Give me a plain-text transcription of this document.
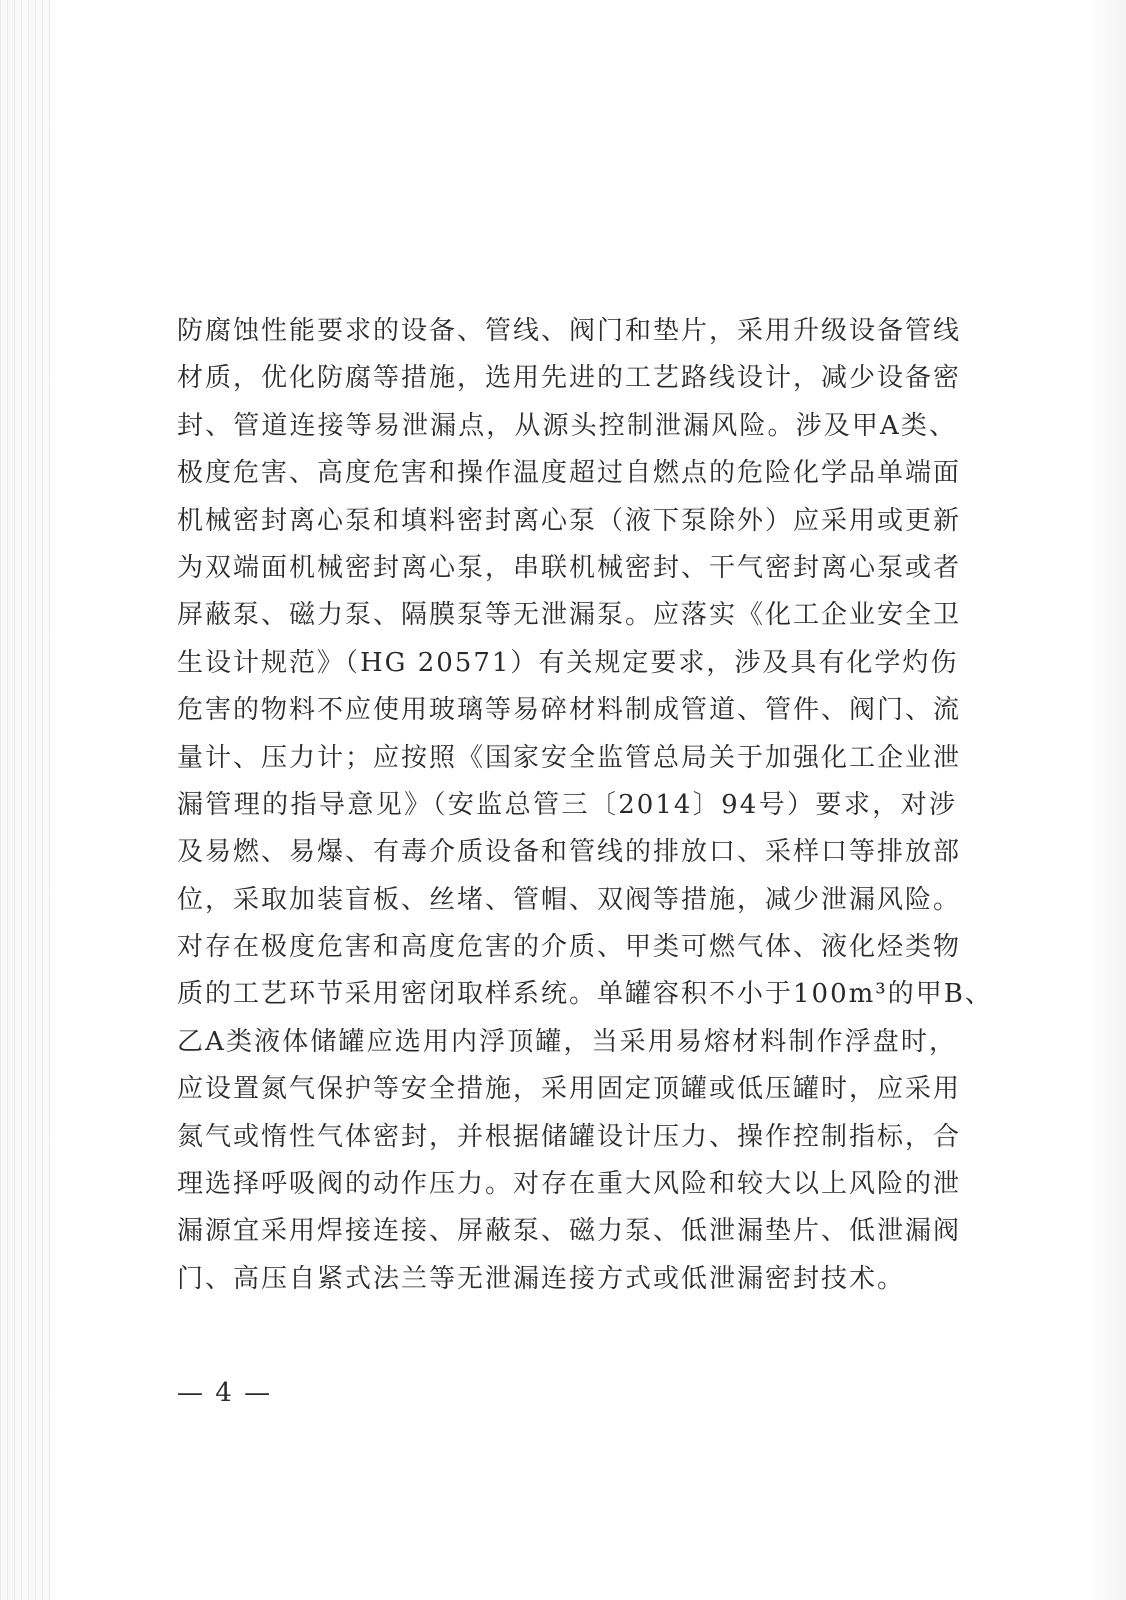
防腐蚀性能要求的设备、管线、阀门和垫片，采用升级设备管线
材质，优化防腐等措施，选用先进的工艺路线设计，减少设备密
封、管道连接等易泄漏点，从源头控制泄漏风险。涉及甲A类、
极度危害、高度危害和操作温度超过自燃点的危险化学品单端面
机械密封离心泵和填料密封离心泵（液下泵除外）应采用或更新
为双端面机械密封离心泵，串联机械密封、干气密封离心泵或者
屏蔽泵、磁力泵、隔膜泵等无泄漏泵。应落实《化工企业安全卫
生设计规范》（HG 20571）有关规定要求，涉及具有化学灼伤
危害的物料不应使用玻璃等易碎材料制成管道、管件、阀门、流
量计、压力计；应按照《国家安全监管总局关于加强化工企业泄
漏管理的指导意见》（安监总管三〔2014〕94号）要求，对涉
及易燃、易爆、有毒介质设备和管线的排放口、采样口等排放部
位，采取加装盲板、丝堵、管帽、双阀等措施，减少泄漏风险。
对存在极度危害和高度危害的介质、甲类可燃气体、液化烃类物
质的工艺环节采用密闭取样系统。单罐容积不小于100m³的甲B、
乙A类液体储罐应选用内浮顶罐，当采用易熔材料制作浮盘时，
应设置氮气保护等安全措施，采用固定顶罐或低压罐时，应采用
氮气或惰性气体密封，并根据储罐设计压力、操作控制指标，合
理选择呼吸阀的动作压力。对存在重大风险和较大以上风险的泄
漏源宜采用焊接连接、屏蔽泵、磁力泵、低泄漏垫片、低泄漏阀
门、高压自紧式法兰等无泄漏连接方式或低泄漏密封技术。
— 4 —
